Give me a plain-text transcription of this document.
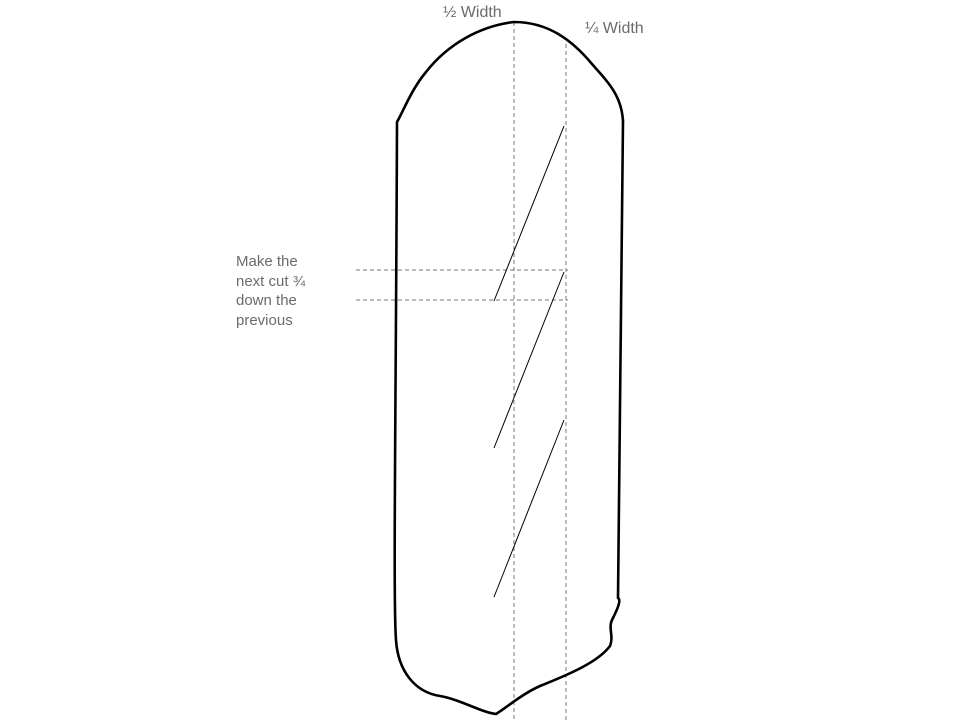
½ Width
¼ Width
Make the
next cut ¾
down the
previous
